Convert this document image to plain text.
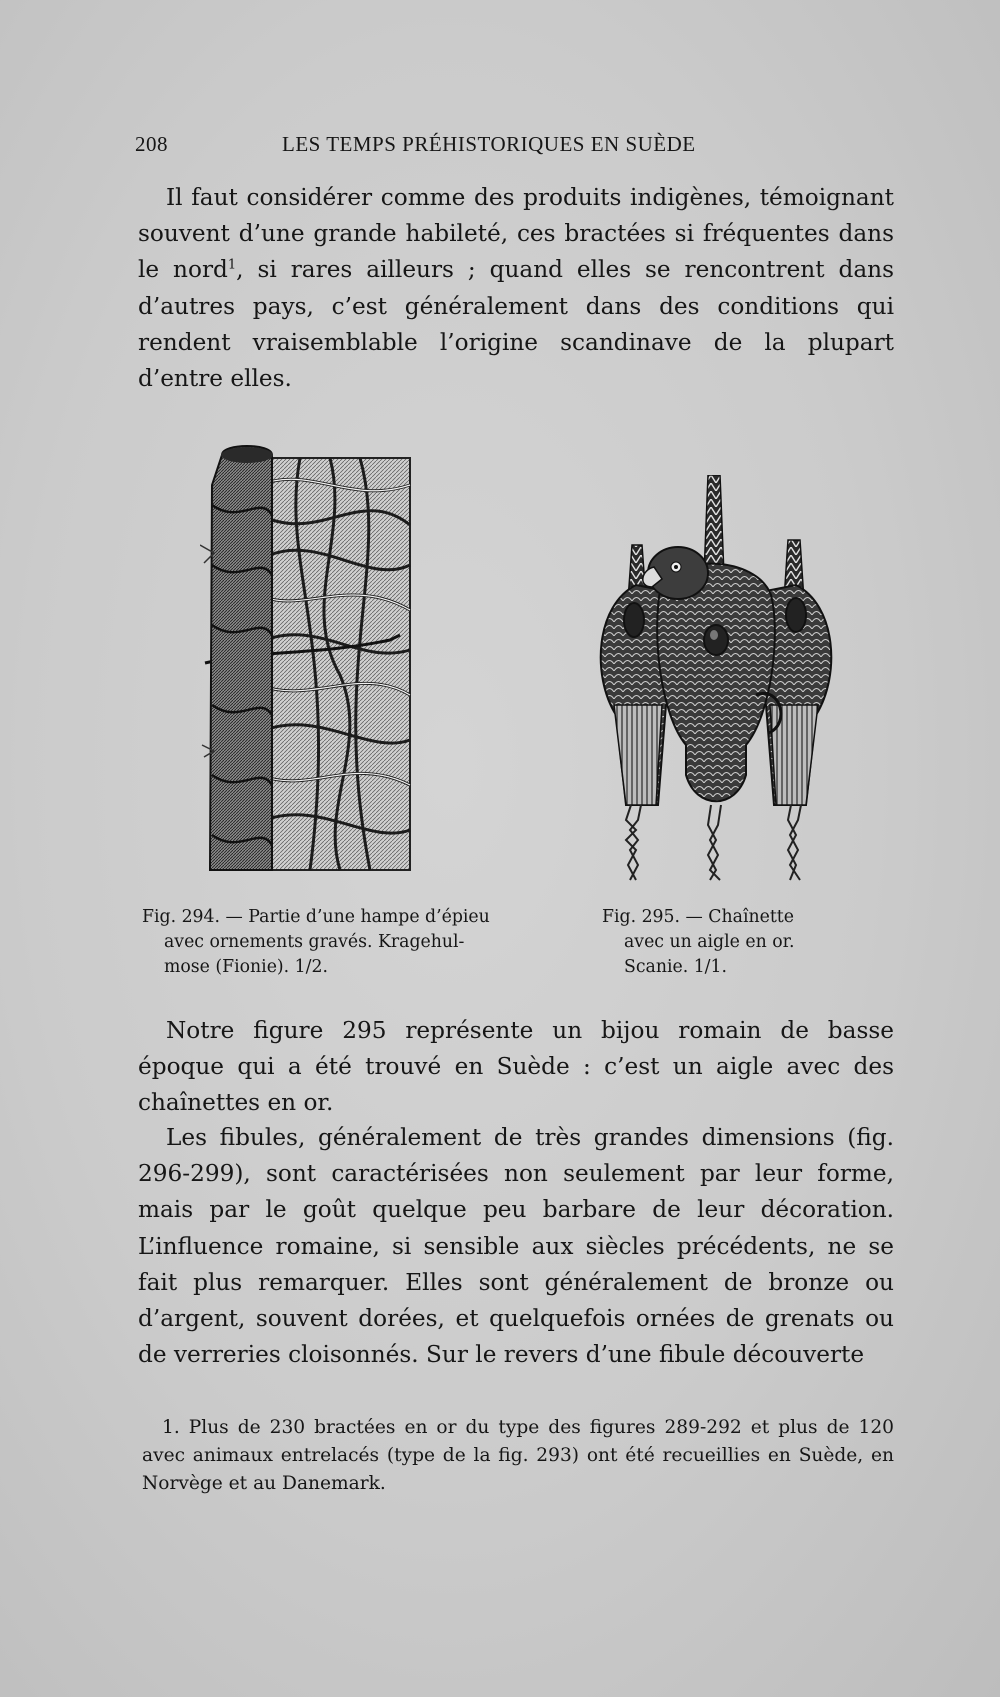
208	LES TEMPS PRÉHISTORIQUES EN SUÈDE

Il faut considérer comme des produits indigènes, témoignant souvent d’une grande habileté, ces bractées si fréquentes dans le nord$^1$, si rares ailleurs ; quand elles se rencontrent dans d’autres pays, c’est généralement dans des conditions qui rendent vraisemblable l’origine scandinave de la plupart d’entre elles.

Fig. 294. — Partie d’une hampe d’épieu
avec ornements gravés. Kragehul-
mose (Fionie). 1/2.

Fig. 295. — Chaînette
avec un aigle en or.
Scanie. 1/1.

Notre figure 295 représente un bijou romain de basse époque qui a été trouvé en Suède : c’est un aigle avec des chaînettes en or.

Les fibules, généralement de très grandes dimensions (fig. 296-299), sont caractérisées non seulement par leur forme, mais par le goût quelque peu barbare de leur décoration. L’influence romaine, si sensible aux siècles précédents, ne se fait plus remarquer. Elles sont généralement de bronze ou d’argent, souvent dorées, et quelquefois ornées de grenats ou de verreries cloisonnés. Sur le revers d’une fibule découverte

1. Plus de 230 bractées en or du type des figures 289-292 et plus de 120 avec animaux entrelacés (type de la fig. 293) ont été recueillies en Suède, en Norvège et au Danemark.
